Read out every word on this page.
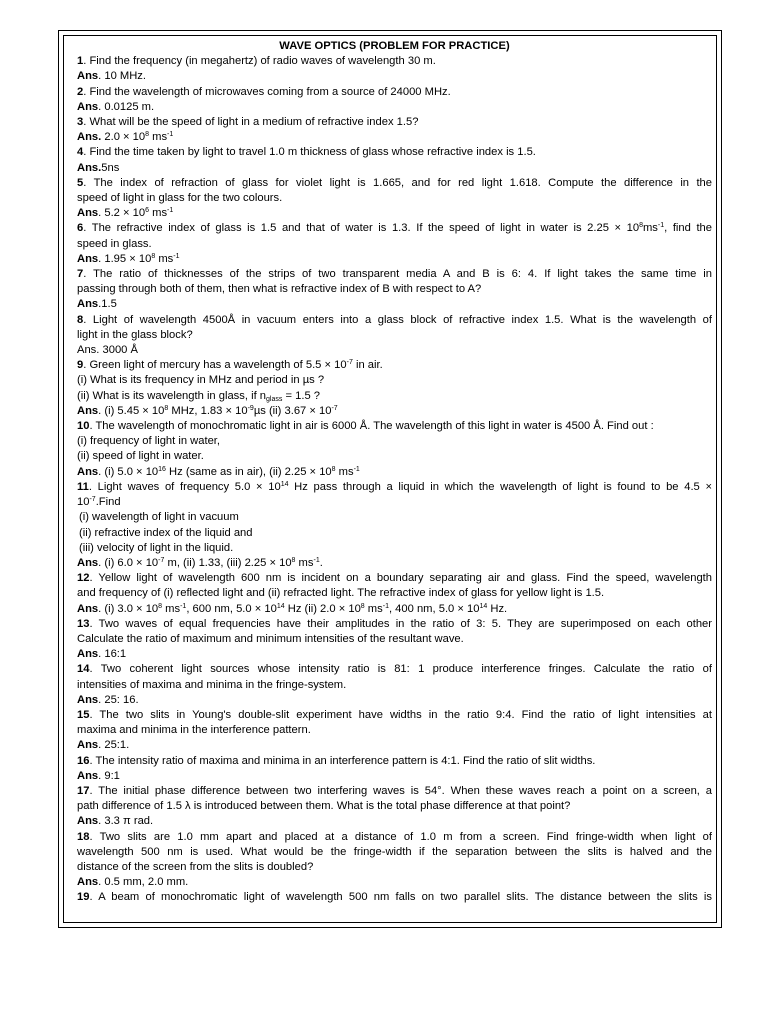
WAVE OPTICS (PROBLEM FOR PRACTICE)
1. Find the frequency (in megahertz) of radio waves of wavelength 30 m.
Ans. 10 MHz.
2. Find the wavelength of microwaves coming from a source of 24000 MHz.
Ans. 0.0125 m.
3. What will be the speed of light in a medium of refractive index 1.5?
Ans. $2.0 \times 10^8$ $ms^{-1}$
4. Find the time taken by light to travel 1.0 m thickness of glass whose refractive index is 1.5.
Ans.5ns
5. The index of refraction of glass for violet light is 1.665, and for red light 1.618. Compute the difference in the
speed of light in glass for the two colours.
Ans. $5.2 \times 10^6$ $ms^{-1}$
6. The refractive index of glass is 1.5 and that of water is 1.3. If the speed of light in water is $2.25 \times 10^8ms^{-1}$, find the
speed in glass.
Ans. $1.95 \times 10^8$ $ms^{-1}$
7. The ratio of thicknesses of the strips of two transparent media A and B is 6: 4. If light takes the same time in
passing through both of them, then what is refractive index of B with respect to A?
Ans.1.5
8. Light of wavelength 4500Å in vacuum enters into a glass block of refractive index 1.5. What is the wavelength of
light in the glass block?
Ans. 3000 Å
9. Green light of mercury has a wavelength of $5.5 \times 10^{-7}$ in air.
(i) What is its frequency in MHz and period in µs ?
(ii) What is its wavelength in glass, if $n_{glass} = 1.5$ ?
Ans. (i) $5.45 \times 10^8$ MHz, $1.83 \times 10^{-9}\mu s$ (ii) $3.67 \times 10^{-7}$
10. The wavelength of monochromatic light in air is 6000 Å. The wavelength of this light in water is 4500 Å. Find out :
(i) frequency of light in water,
(ii) speed of light in water.
Ans. (i) $5.0 \times 10^{16}$ Hz (same as in air), (ii) $2.25 \times 10^8$ $ms^{-1}$
11. Light waves of frequency $5.0 \times 10^{14}$ Hz pass through a liquid in which the wavelength of light is found to be 4.5 ×
$10^{-7}.Find$
(i) wavelength of light in vacuum
(ii) refractive index of the liquid and
(iii) velocity of light in the liquid.
Ans. (i) $6.0 \times 10^{-7}$ m, (ii) 1.33, (iii) $2.25 \times 10^8$ $ms^{-1}$.
12. Yellow light of wavelength 600 nm is incident on a boundary separating air and glass. Find the speed, wavelength
and frequency of (i) reflected light and (ii) refracted light. The refractive index of glass for yellow light is 1.5.
Ans. (i) $3.0 \times 10^8$ $ms^{-1}$, 600 nm, $5.0 \times 10^{14}$ Hz (ii) $2.0 \times 10^8$ $ms^{-1}$, 400 nm, $5.0 \times 10^{14}$ Hz.
13. Two waves of equal frequencies have their amplitudes in the ratio of 3: 5. They are superimposed on each other
Calculate the ratio of maximum and minimum intensities of the resultant wave.
Ans. 16:1
14. Two coherent light sources whose intensity ratio is 81: 1 produce interference fringes. Calculate the ratio of
intensities of maxima and minima in the fringe-system.
Ans. 25: 16.
15. The two slits in Young's double-slit experiment have widths in the ratio 9:4. Find the ratio of light intensities at
maxima and minima in the interference pattern.
Ans. 25:1.
16. The intensity ratio of maxima and minima in an interference pattern is 4:1. Find the ratio of slit widths.
Ans. 9:1
17. The initial phase difference between two interfering waves is 54°. When these waves reach a point on a screen, a
path difference of 1.5 λ is introduced between them. What is the total phase difference at that point?
Ans. 3.3 π rad.
18. Two slits are 1.0 mm apart and placed at a distance of 1.0 m from a screen. Find fringe-width when light of
wavelength 500 nm is used. What would be the fringe-width if the separation between the slits is halved and the
distance of the screen from the slits is doubled?
Ans. 0.5 mm, 2.0 mm.
19. A beam of monochromatic light of wavelength 500 nm falls on two parallel slits. The distance between the slits is
